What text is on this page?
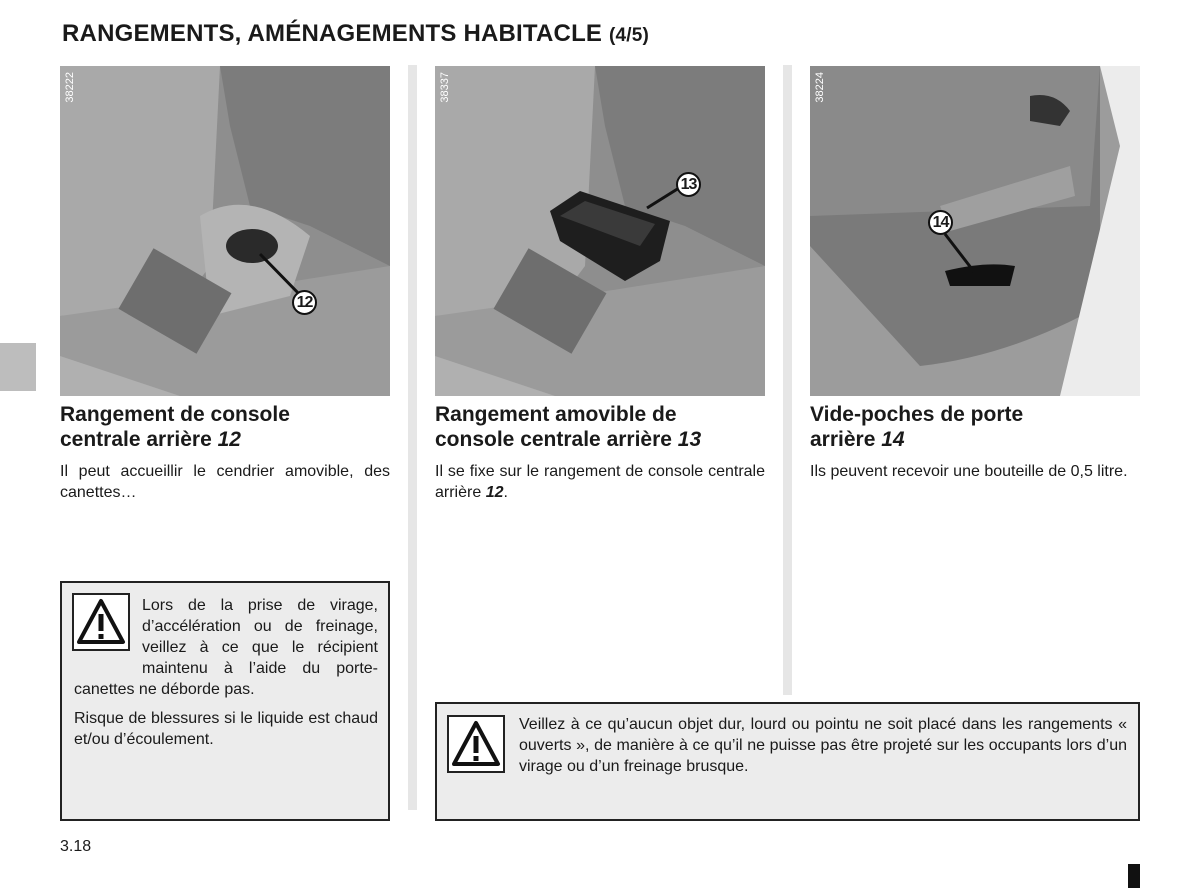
RANGEMENTS, AMÉNAGEMENTS HABITACLE (4/5)
38222
12
38337
13
38224
14
Rangement de console
centrale arrière 12
Rangement amovible de
console centrale arrière 13
Vide-poches de porte
arrière 14
Il peut accueillir le cendrier amovible, des canettes…
Il se fixe sur le rangement de console centrale arrière 12.
Ils peuvent recevoir une bouteille de 0,5 litre.
Lors de la prise de virage, d’accélération ou de freinage, veillez à ce que le récipient maintenu à l’aide du porte-canettes ne déborde pas.
Risque de blessures si le liquide est chaud et/ou d’écoulement.
Veillez à ce qu’aucun objet dur, lourd ou pointu ne soit placé dans les rangements « ouverts », de manière à ce qu’il ne puisse pas être projeté sur les occupants lors d’un virage ou d’un freinage brusque.
3.18
